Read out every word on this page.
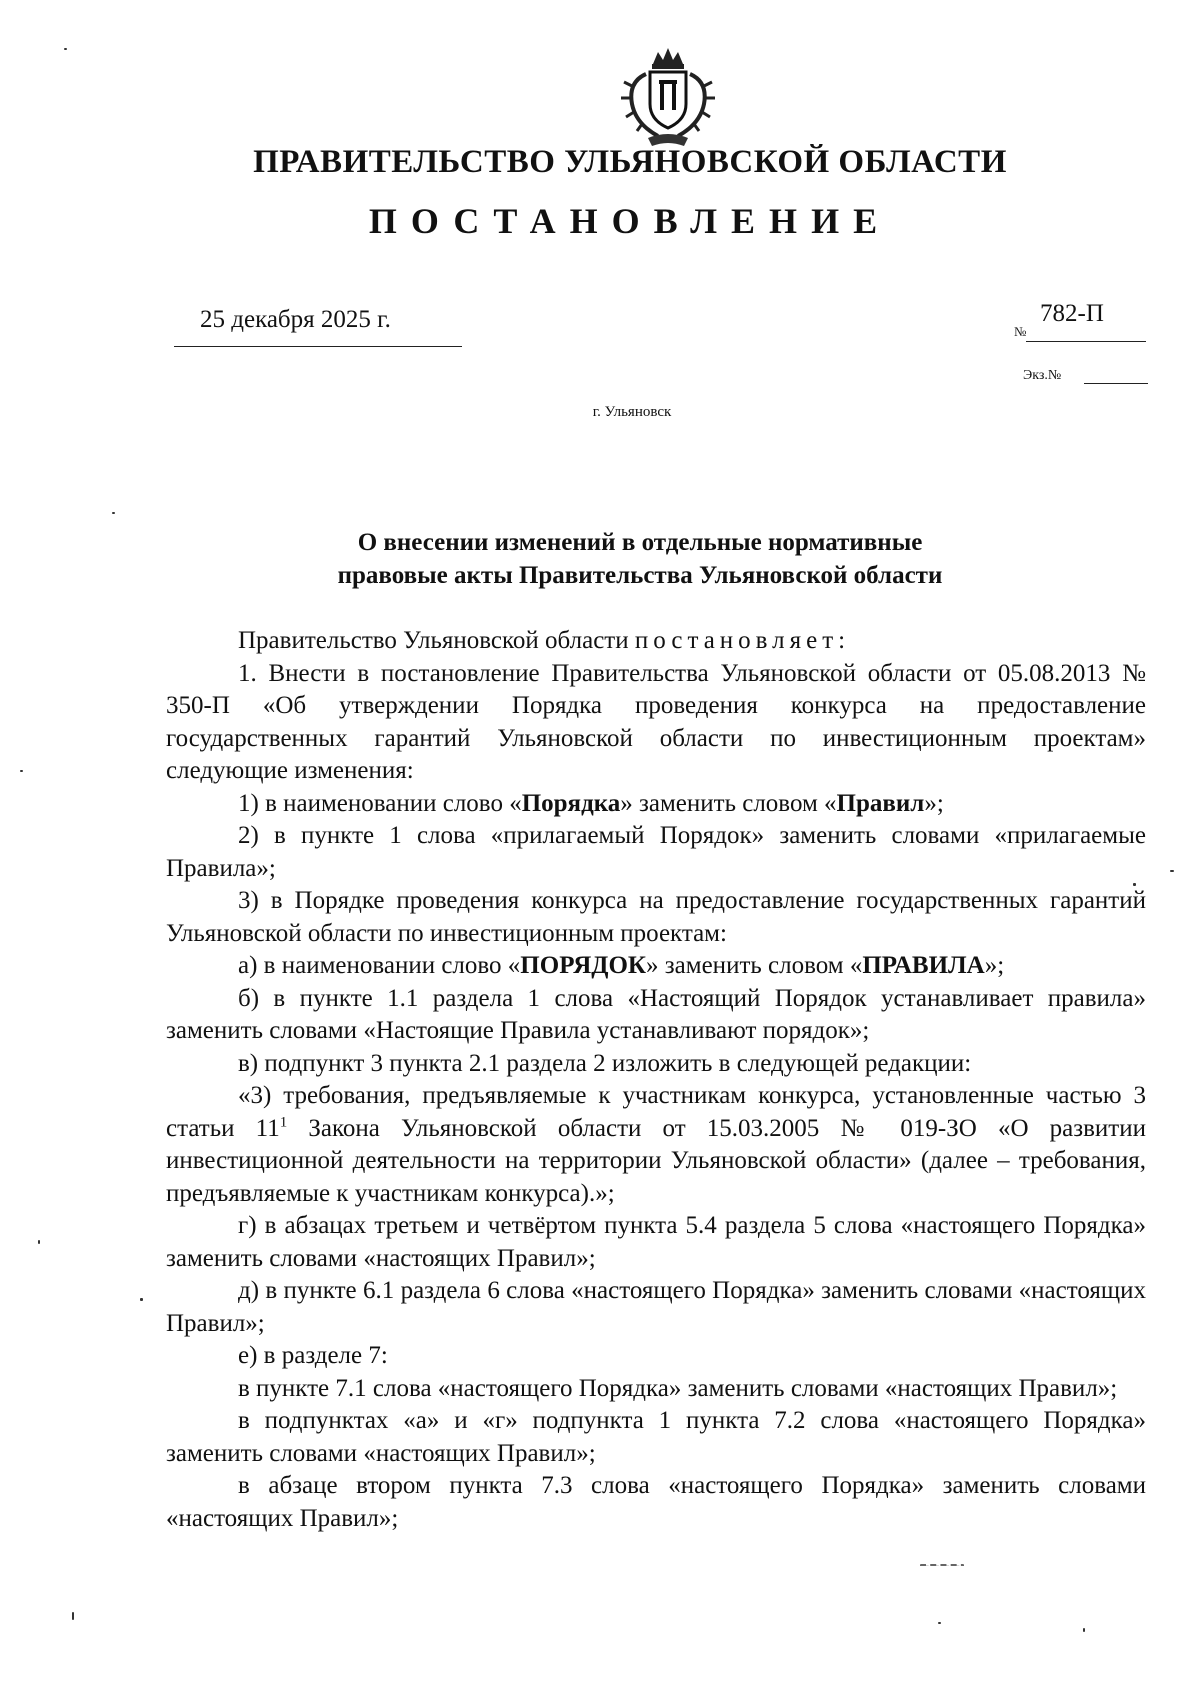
ПРАВИТЕЛЬСТВО УЛЬЯНОВСКОЙ ОБЛАСТИ
ПОСТАНОВЛЕНИЕ
25 декабря 2025 г.	№
782-П
Экз.№
г. Ульяновск
О внесении изменений в отдельные нормативные
правовые акты Правительства Ульяновской области

Правительство Ульяновской области постановляет:

1. Внести в постановление Правительства Ульяновской области от 05.08.2013 № 350-П «Об утверждении Порядка проведения конкурса на предоставление государственных гарантий Ульяновской области по инвестиционным проектам» следующие изменения:

1) в наименовании слово «Порядка» заменить словом «Правил»;

2) в пункте 1 слова «прилагаемый Порядок» заменить словами «прилагаемые Правила»;

3) в Порядке проведения конкурса на предоставление государственных гарантий Ульяновской области по инвестиционным проектам:

а) в наименовании слово «ПОРЯДОК» заменить словом «ПРАВИЛА»;

б) в пункте 1.1 раздела 1 слова «Настоящий Порядок устанавливает правила» заменить словами «Настоящие Правила устанавливают порядок»;

в) подпункт 3 пункта 2.1 раздела 2 изложить в следующей редакции:

«3) требования, предъявляемые к участникам конкурса, установленные частью 3 статьи $11^1$ Закона Ульяновской области от 15.03.2005 № 019-ЗО «О развитии инвестиционной деятельности на территории Ульяновской области» (далее – требования, предъявляемые к участникам конкурса).»;

г) в абзацах третьем и четвёртом пункта 5.4 раздела 5 слова «настоящего Порядка» заменить словами «настоящих Правил»;

д) в пункте 6.1 раздела 6 слова «настоящего Порядка» заменить словами «настоящих Правил»;

е) в разделе 7:

в пункте 7.1 слова «настоящего Порядка» заменить словами «настоящих Правил»;

в подпунктах «а» и «г» подпункта 1 пункта 7.2 слова «настоящего Порядка» заменить словами «настоящих Правил»;

в абзаце втором пункта 7.3 слова «настоящего Порядка» заменить словами «настоящих Правил»;
